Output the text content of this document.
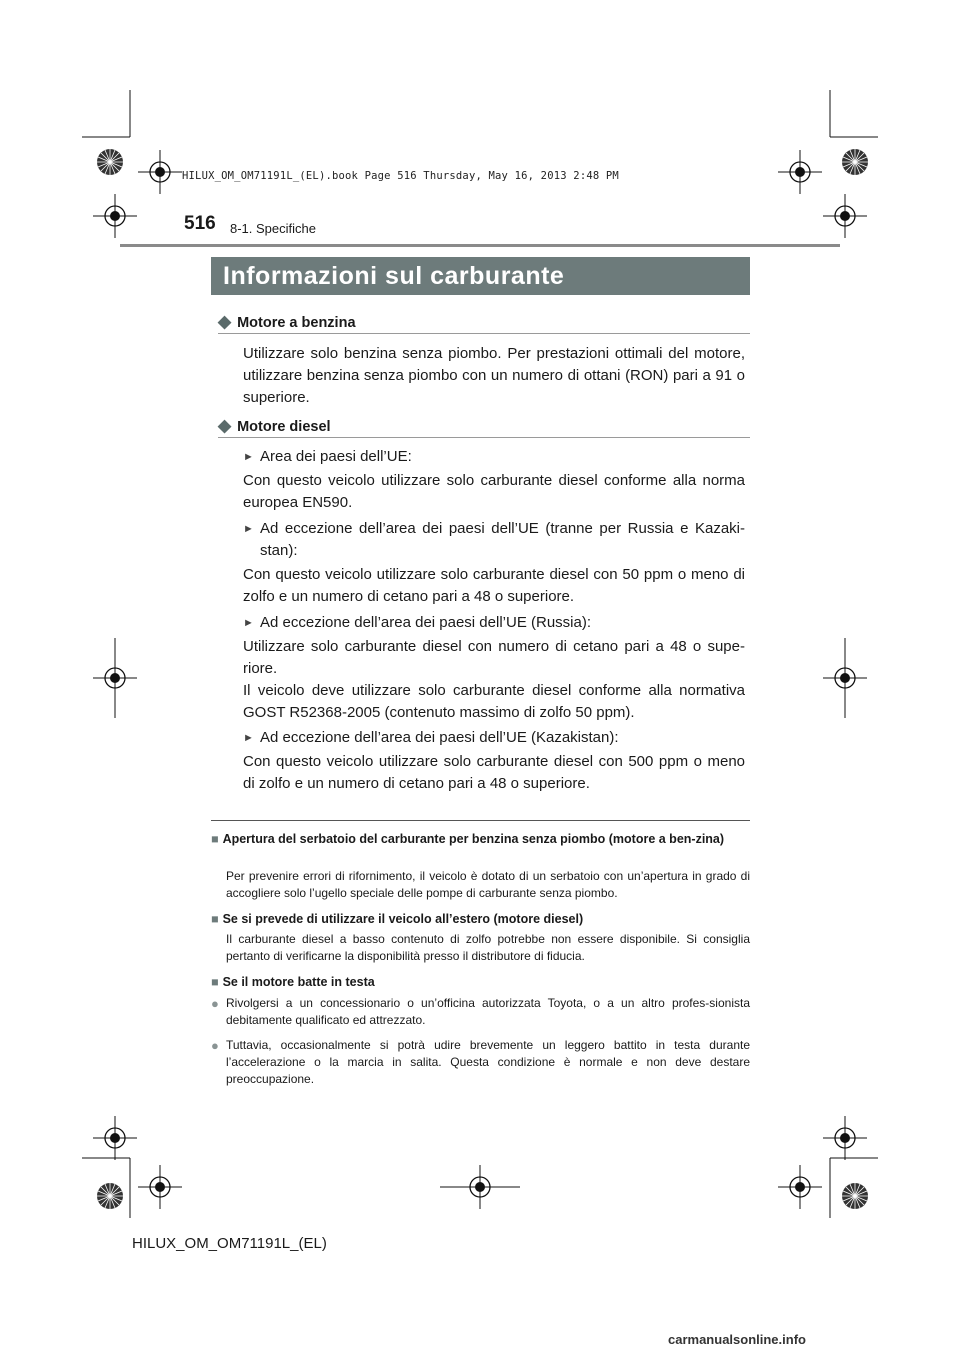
HILUX_OM_OM71191L_(EL).book Page 516 Thursday, May 16, 2013 2:48 PM
516 8-1. Specifiche
Informazioni sul carburante
◆ Motore a benzina

Utilizzare solo benzina senza piombo. Per prestazioni ottimali del motore, utilizzare benzina senza piombo con un numero di ottani (RON) pari a 91 o superiore.

◆ Motore diesel
► Area dei paesi dell’UE:

Con questo veicolo utilizzare solo carburante diesel conforme alla norma europea EN590.

► Ad eccezione dell’area dei paesi dell’UE (tranne per Russia e Kazaki-stan):

Con questo veicolo utilizzare solo carburante diesel con 50 ppm o meno di zolfo e un numero di cetano pari a 48 o superiore.

► Ad eccezione dell’area dei paesi dell’UE (Russia):

Utilizzare solo carburante diesel con numero di cetano pari a 48 o supe-riore.

Il veicolo deve utilizzare solo carburante diesel conforme alla normativa GOST R52368-2005 (contenuto massimo di zolfo 50 ppm).

► Ad eccezione dell’area dei paesi dell’UE (Kazakistan):

Con questo veicolo utilizzare solo carburante diesel con 500 ppm o meno di zolfo e un numero di cetano pari a 48 o superiore.

■ Apertura del serbatoio del carburante per benzina senza piombo (motore a ben-zina)
Per prevenire errori di rifornimento, il veicolo è dotato di un serbatoio con un’apertura in grado di accogliere solo l’ugello speciale delle pompe di carburante senza piombo.
■ Se si prevede di utilizzare il veicolo all’estero (motore diesel)
Il carburante diesel a basso contenuto di zolfo potrebbe non essere disponibile. Si consiglia pertanto di verificarne la disponibilità presso il distributore di fiducia.
■ Se il motore batte in testa
● Rivolgersi a un concessionario o un’officina autorizzata Toyota, o a un altro profes-sionista debitamente qualificato ed attrezzato.
● Tuttavia, occasionalmente si potrà udire brevemente un leggero battito in testa durante l’accelerazione o la marcia in salita. Questa condizione è normale e non deve destare preoccupazione.
HILUX_OM_OM71191L_(EL)
carmanualsonline.info
